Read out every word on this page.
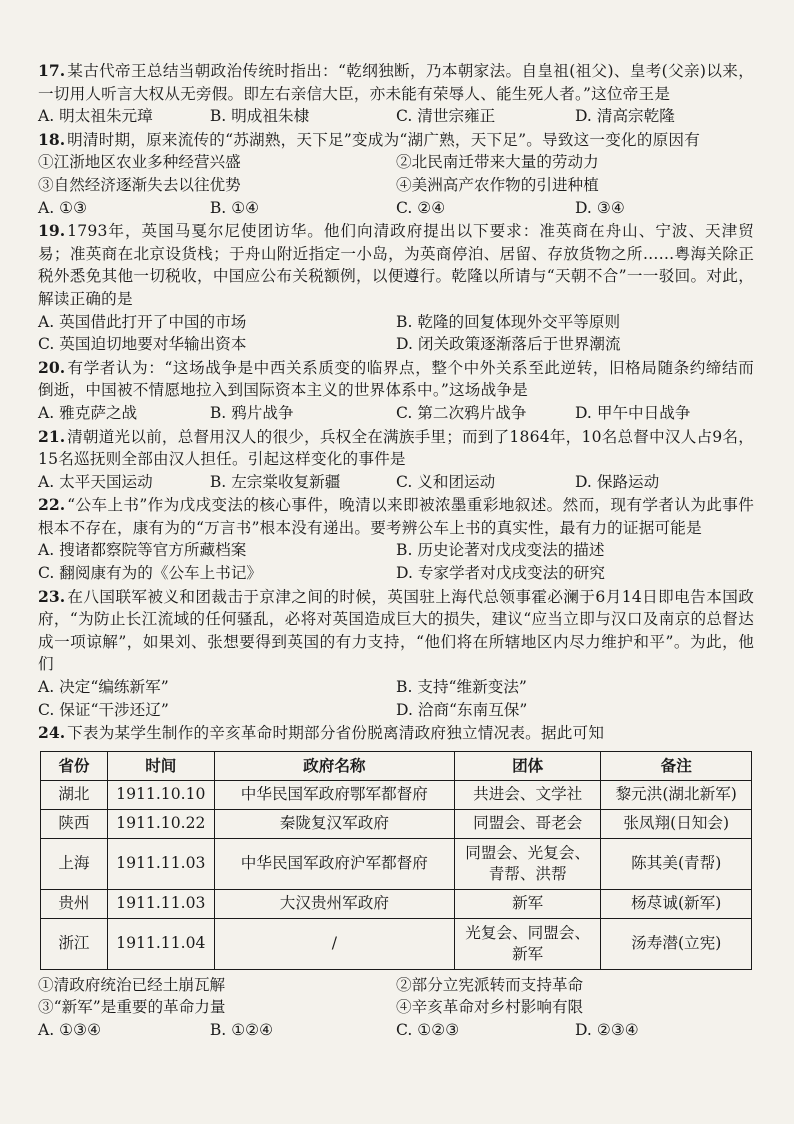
17. 某古代帝王总结当朝政治传统时指出：“乾纲独断，乃本朝家法。自皇祖(祖父)、皇考(父亲)以来，一切用人听言大权从无旁假。即左右亲信大臣，亦未能有荣辱人、能生死人者。”这位帝王是
A. 明太祖朱元璋	B. 明成祖朱棣	C. 清世宗雍正	D. 清高宗乾隆
18. 明清时期，原来流传的“苏湖熟，天下足”变成为“湖广熟，天下足”。导致这一变化的原因有
①江浙地区农业多种经营兴盛	②北民南迁带来大量的劳动力
③自然经济逐渐失去以往优势	④美洲高产农作物的引进种植
A. ①③	B. ①④	C. ②④	D. ③④
19. 1793年，英国马戛尔尼使团访华。他们向清政府提出以下要求：准英商在舟山、宁波、天津贸易；准英商在北京设货栈；于舟山附近指定一小岛，为英商停泊、居留、存放货物之所……粤海关除正税外悉免其他一切税收，中国应公布关税额例，以便遵行。乾隆以所请与“天朝不合”一一驳回。对此，解读正确的是
A. 英国借此打开了中国的市场	B. 乾隆的回复体现外交平等原则
C. 英国迫切地要对华输出资本	D. 闭关政策逐渐落后于世界潮流
20. 有学者认为：“这场战争是中西关系质变的临界点，整个中外关系至此逆转，旧格局随条约缔结而倒逝，中国被不情愿地拉入到国际资本主义的世界体系中。”这场战争是
A. 雅克萨之战	B. 鸦片战争	C. 第二次鸦片战争	D. 甲午中日战争
21. 清朝道光以前，总督用汉人的很少，兵权全在满族手里；而到了1864年，10名总督中汉人占9名，15名巡抚则全部由汉人担任。引起这样变化的事件是
A. 太平天国运动	B. 左宗棠收复新疆	C. 义和团运动	D. 保路运动
22. “公车上书”作为戊戌变法的核心事件，晚清以来即被浓墨重彩地叙述。然而，现有学者认为此事件根本不存在，康有为的“万言书”根本没有递出。要考辨公车上书的真实性，最有力的证据可能是
A. 搜诸都察院等官方所藏档案	B. 历史论著对戊戌变法的描述
C. 翻阅康有为的《公车上书记》	D. 专家学者对戊戌变法的研究
23. 在八国联军被义和团裁击于京津之间的时候，英国驻上海代总领事霍必澜于6月14日即电告本国政府，“为防止长江流域的任何骚乱，必将对英国造成巨大的损失，建议“应当立即与汉口及南京的总督达成一项谅解”，如果刘、张想要得到英国的有力支持，“他们将在所辖地区内尽力维护和平”。为此，他们
A. 决定“编练新军”	B. 支持“维新变法”
C. 保证“干涉还辽”	D. 洽商“东南互保”
24. 下表为某学生制作的辛亥革命时期部分省份脱离清政府独立情况表。据此可知
省份	时间	政府名称	团体	备注
湖北	1911.10.10	中华民国军政府鄂军都督府	共进会、文学社	黎元洪(湖北新军)
陕西	1911.10.22	秦陇复汉军政府	同盟会、哥老会	张凤翔(日知会)
上海	1911.11.03	中华民国军政府沪军都督府	同盟会、光复会、青帮、洪帮	陈其美(青帮)
贵州	1911.11.03	大汉贵州军政府	新军	杨荩诚(新军)
浙江	1911.11.04	/	光复会、同盟会、新军	汤寿潜(立宪)
①清政府统治已经土崩瓦解	②部分立宪派转而支持革命
③“新军”是重要的革命力量	④辛亥革命对乡村影响有限
A. ①③④	B. ①②④	C. ①②③	D. ②③④
